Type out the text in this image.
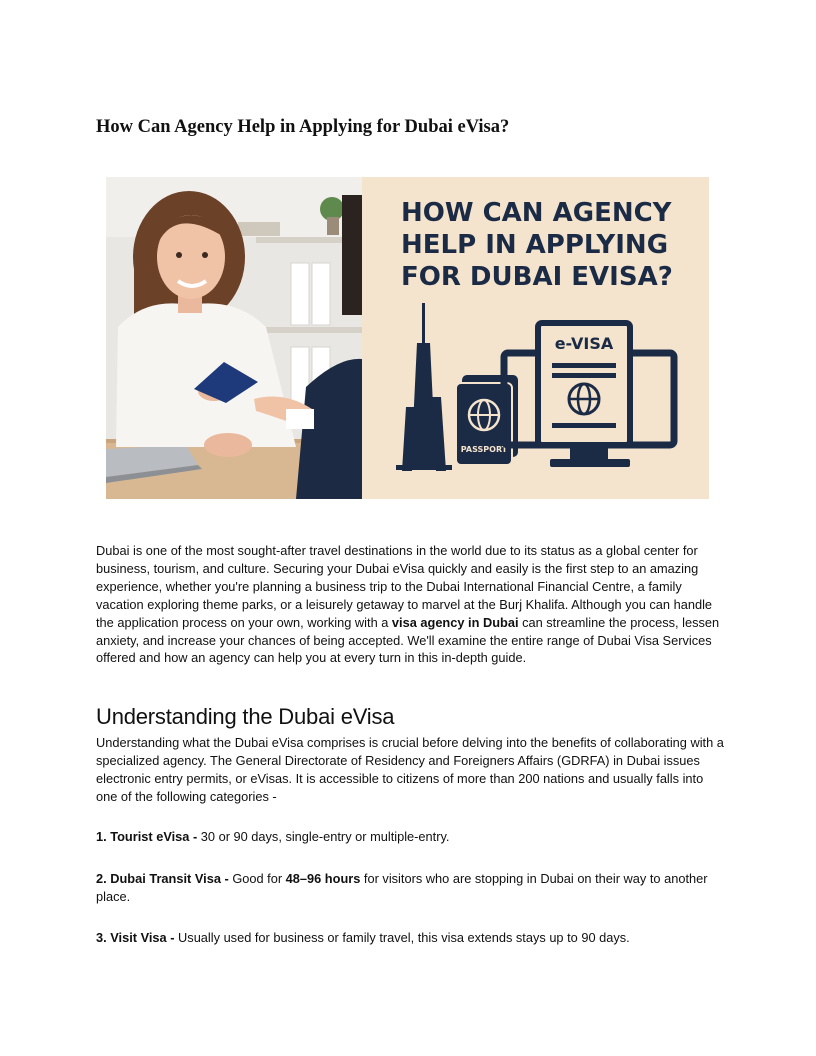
How Can Agency Help in Applying for Dubai eVisa?
HOW CAN AGENCY
HELP IN APPLYING
FOR DUBAI EVISA?
PASSPORT
e-VISA

Dubai is one of the most sought-after travel destinations in the world due to its status as a global center for business, tourism, and culture. Securing your Dubai eVisa quickly and easily is the first step to an amazing experience, whether you're planning a business trip to the Dubai International Financial Centre, a family vacation exploring theme parks, or a leisurely getaway to marvel at the Burj Khalifa. Although you can handle the application process on your own, working with a visa agency in Dubai can streamline the process, lessen anxiety, and increase your chances of being accepted. We'll examine the entire range of Dubai Visa Services offered and how an agency can help you at every turn in this in-depth guide.

Understanding the Dubai eVisa

Understanding what the Dubai eVisa comprises is crucial before delving into the benefits of collaborating with a specialized agency. The General Directorate of Residency and Foreigners Affairs (GDRFA) in Dubai issues electronic entry permits, or eVisas. It is accessible to citizens of more than 200 nations and usually falls into one of the following categories -

1. Tourist eVisa - 30 or 90 days, single-entry or multiple-entry.

2. Dubai Transit Visa - Good for 48–96 hours for visitors who are stopping in Dubai on their way to another place.

3. Visit Visa - Usually used for business or family travel, this visa extends stays up to 90 days.
